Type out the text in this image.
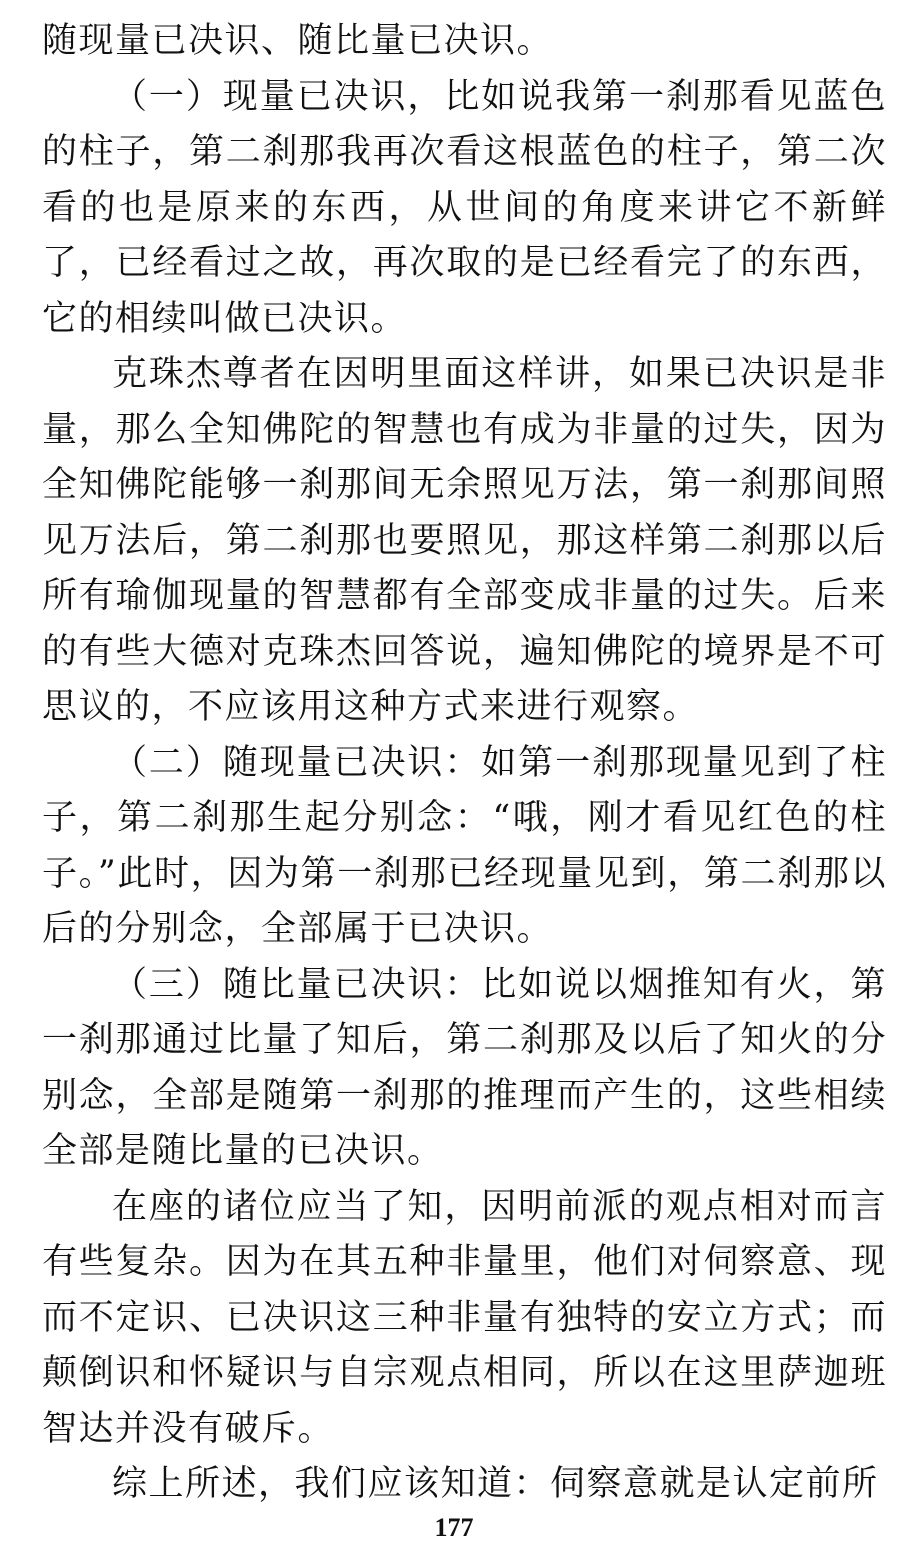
随现量已决识、随比量已决识。

（一）现量已决识，比如说我第一刹那看见蓝色的柱子，第二刹那我再次看这根蓝色的柱子，第二次看的也是原来的东西，从世间的角度来讲它不新鲜了，已经看过之故，再次取的是已经看完了的东西，它的相续叫做已决识。

克珠杰尊者在因明里面这样讲，如果已决识是非量，那么全知佛陀的智慧也有成为非量的过失，因为全知佛陀能够一刹那间无余照见万法，第一刹那间照见万法后，第二刹那也要照见，那这样第二刹那以后所有瑜伽现量的智慧都有全部变成非量的过失。后来的有些大德对克珠杰回答说，遍知佛陀的境界是不可思议的，不应该用这种方式来进行观察。

（二）随现量已决识：如第一刹那现量见到了柱子，第二刹那生起分别念：“哦，刚才看见红色的柱子。”此时，因为第一刹那已经现量见到，第二刹那以后的分别念，全部属于已决识。

（三）随比量已决识：比如说以烟推知有火，第一刹那通过比量了知后，第二刹那及以后了知火的分别念，全部是随第一刹那的推理而产生的，这些相续全部是随比量的已决识。

在座的诸位应当了知，因明前派的观点相对而言有些复杂。因为在其五种非量里，他们对伺察意、现而不定识、已决识这三种非量有独特的安立方式；而颠倒识和怀疑识与自宗观点相同，所以在这里萨迦班智达并没有破斥。

综上所述，我们应该知道：伺察意就是认定前所

177
